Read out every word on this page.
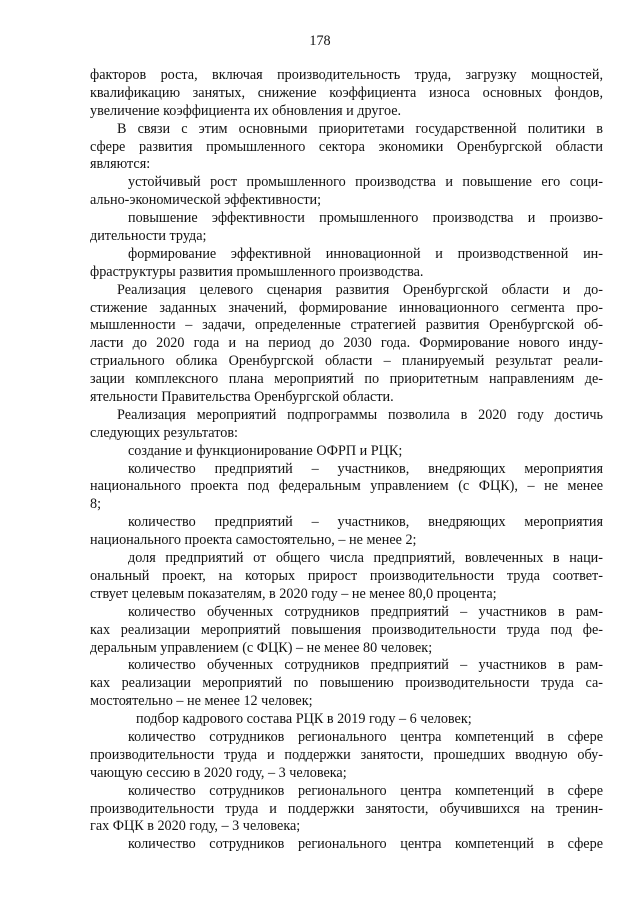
178
факторов роста, включая производительность труда, загрузку мощностей,
квалификацию занятых, снижение коэффициента износа основных фондов,
увеличение коэффициента их обновления и другое.
В связи с этим основными приоритетами государственной политики в
сфере развития промышленного сектора экономики Оренбургской области
являются:
устойчивый рост промышленного производства и повышение его соци-
ально-экономической эффективности;
повышение эффективности промышленного производства и произво-
дительности труда;
формирование эффективной инновационной и производственной ин-
фраструктуры развития промышленного производства.
Реализация целевого сценария развития Оренбургской области и до-
стижение заданных значений, формирование инновационного сегмента про-
мышленности – задачи, определенные стратегией развития Оренбургской об-
ласти до 2020 года и на период до 2030 года. Формирование нового инду-
стриального облика Оренбургской области – планируемый результат реали-
зации комплексного плана мероприятий по приоритетным направлениям де-
ятельности Правительства Оренбургской области.
Реализация мероприятий подпрограммы позволила в 2020 году достичь
следующих результатов:
создание и функционирование ОФРП и РЦК;
количество предприятий – участников, внедряющих мероприятия
национального проекта под федеральным управлением (с ФЦК), – не менее
8;
количество предприятий – участников, внедряющих мероприятия
национального проекта самостоятельно, – не менее 2;
доля предприятий от общего числа предприятий, вовлеченных в наци-
ональный проект, на которых прирост производительности труда соответ-
ствует целевым показателям, в 2020 году – не менее 80,0 процента;
количество обученных сотрудников предприятий – участников в рам-
ках реализации мероприятий повышения производительности труда под фе-
деральным управлением (с ФЦК) – не менее 80 человек;
количество обученных сотрудников предприятий – участников в рам-
ках реализации мероприятий по повышению производительности труда са-
мостоятельно – не менее 12 человек;
подбор кадрового состава РЦК в 2019 году – 6 человек;
количество сотрудников регионального центра компетенций в сфере
производительности труда и поддержки занятости, прошедших вводную обу-
чающую сессию в 2020 году, – 3 человека;
количество сотрудников регионального центра компетенций в сфере
производительности труда и поддержки занятости, обучившихся на тренин-
гах ФЦК в 2020 году, – 3 человека;
количество сотрудников регионального центра компетенций в сфере
